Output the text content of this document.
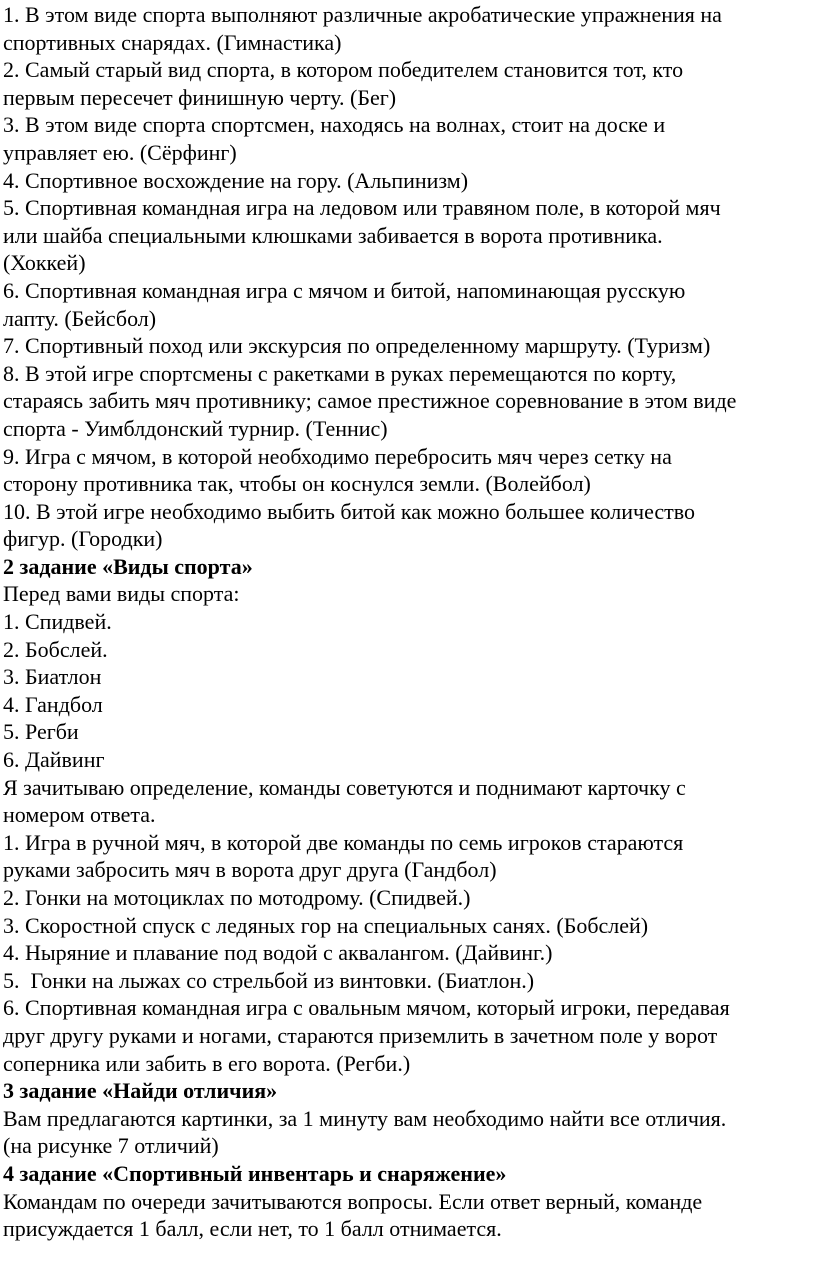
1. В этом виде спорта выполняют различные акробатические упражнения на
спортивных снарядах. (Гимнастика)
2. Самый старый вид спорта, в котором победителем становится тот, кто
первым пересечет финишную черту. (Бег)
3. В этом виде спорта спортсмен, находясь на волнах, стоит на доске и
управляет ею. (Сёрфинг)
4. Спортивное восхождение на гору. (Альпинизм)
5. Спортивная командная игра на ледовом или травяном поле, в которой мяч
или шайба специальными клюшками забивается в ворота противника.
(Хоккей)
6. Спортивная командная игра с мячом и битой, напоминающая русскую
лапту. (Бейсбол)
7. Спортивный поход или экскурсия по определенному маршруту. (Туризм)
8. В этой игре спортсмены с ракетками в руках перемещаются по корту,
стараясь забить мяч противнику; самое престижное соревнование в этом виде
спорта - Уимблдонский турнир. (Теннис)
9. Игра с мячом, в которой необходимо перебросить мяч через сетку на
сторону противника так, чтобы он коснулся земли. (Волейбол)
10. В этой игре необходимо выбить битой как можно большее количество
фигур. (Городки)
2 задание «Виды спорта»
Перед вами виды спорта:
1. Спидвей.
2. Бобслей.
3. Биатлон
4. Гандбол
5. Регби
6. Дайвинг
Я зачитываю определение, команды советуются и поднимают карточку с
номером ответа.
1. Игра в ручной мяч, в которой две команды по семь игроков стараются
руками забросить мяч в ворота друг друга (Гандбол)
2. Гонки на мотоциклах по мотодрому. (Спидвей.)
3. Скоростной спуск с ледяных гор на специальных санях. (Бобслей)
4. Ныряние и плавание под водой с аквалангом. (Дайвинг.)
5.  Гонки на лыжах со стрельбой из винтовки. (Биатлон.)
6. Спортивная командная игра с овальным мячом, который игроки, передавая
друг другу руками и ногами, стараются приземлить в зачетном поле у ворот
соперника или забить в его ворота. (Регби.)
3 задание «Найди отличия»
Вам предлагаются картинки, за 1 минуту вам необходимо найти все отличия.
(на рисунке 7 отличий)
4 задание «Спортивный инвентарь и снаряжение»
Командам по очереди зачитываются вопросы. Если ответ верный, команде
присуждается 1 балл, если нет, то 1 балл отнимается.
